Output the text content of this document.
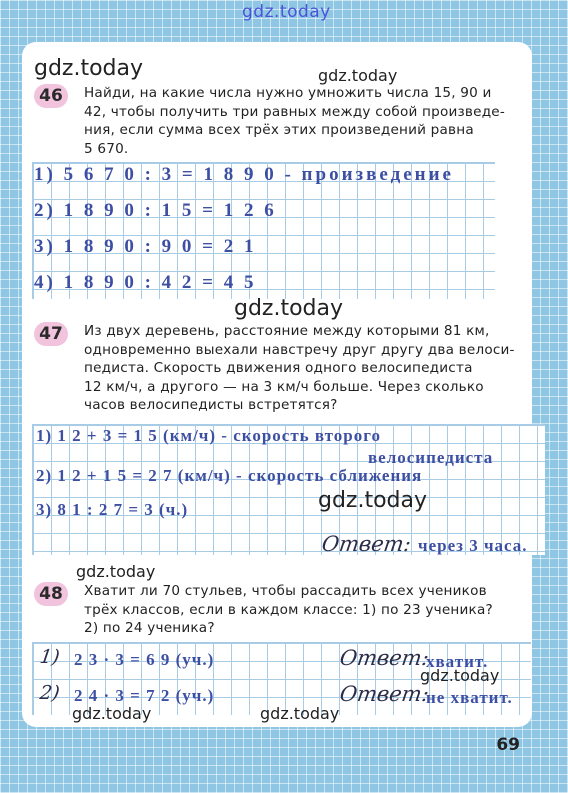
gdz.today
gdz.today	gdz.today
46	Найди, на какие числа нужно умножить числа 15, 90 и
42, чтобы получить три равных между собой произведе-
ния, если сумма всех трёх этих произведений равна
5 670.
1) 5 6 7 0 : 3 = 1 8 9 0 - произведение
2) 1 8 9 0 : 1 5 = 1 2 6
3) 1 8 9 0 : 9 0 = 2 1
4) 1 8 9 0 : 4 2 = 4 5
gdz.today
47	Из двух деревень, расстояние между которыми 81 км,
одновременно выехали навстречу друг другу два велоси-
педиста. Скорость движения одного велосипедиста
12 км/ч, а другого — на 3 км/ч больше. Через сколько
часов велосипедисты встретятся?
1) 1 2 + 3 = 1 5 (км/ч) - скорость второго
велосипедиста
2) 1 2 + 1 5 = 2 7 (км/ч) - скорость сближения
3) 8 1 : 2 7 = 3 (ч.)	gdz.today
Ответ: через 3 часа.
gdz.today
48	Хватит ли 70 стульев, чтобы рассадить всех учеников
трёх классов, если в каждом классе: 1) по 23 ученика?
2) по 24 ученика?
1) 2 3 · 3 = 6 9 (уч.)	Ответ:
хватит.
gdz.today
2) 2 4 · 3 = 7 2 (уч.)	Ответ:
не хватит.
gdz.today	gdz.today
69
